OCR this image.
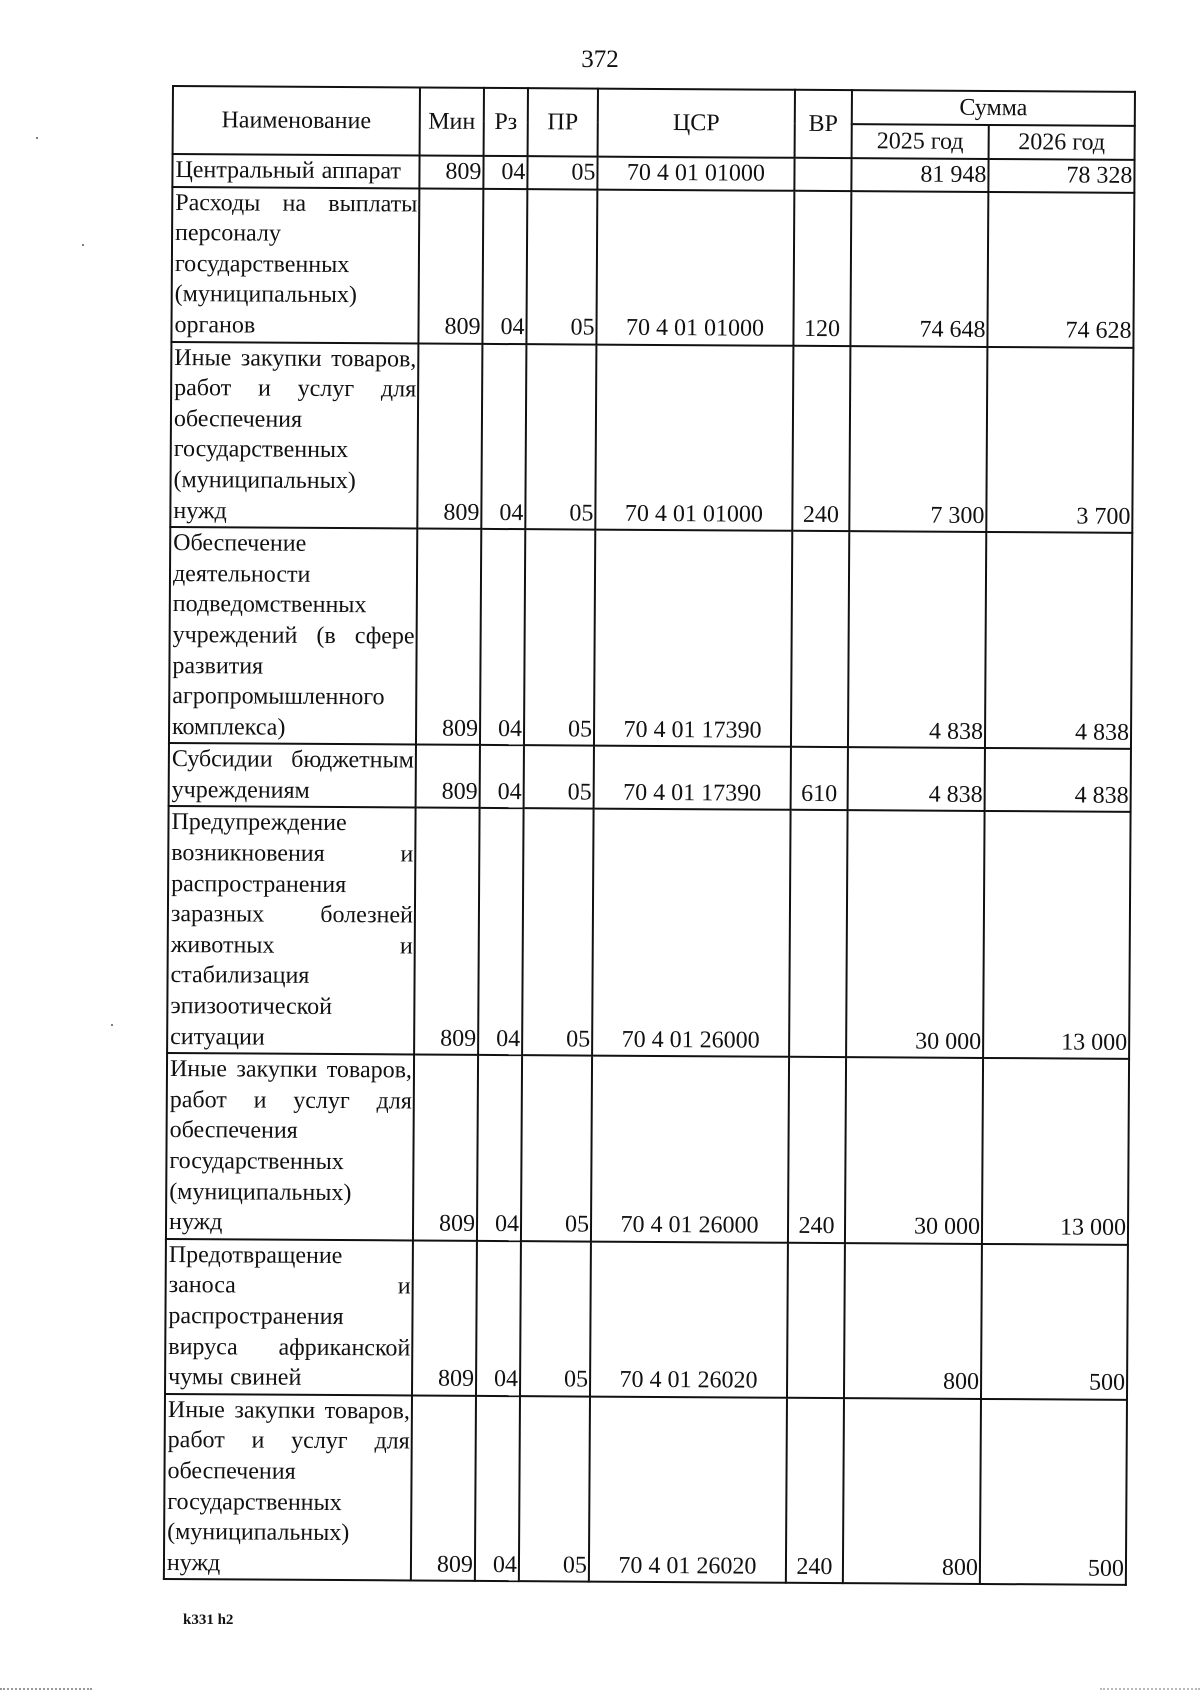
372
Наименование	Мин	Рз	ПР	ЦСР	ВР	Сумма	
						2025 год	2026 год
Центральный аппарат	809	04	05	70 4 01 01000		81 948	78 328
Расходы на выплаты персоналу государственных (муниципальных) органов	809	04	05	70 4 01 01000	120	74 648	74 628
Иные закупки товаров, работ и услуг для обеспечения государственных (муниципальных) нужд	809	04	05	70 4 01 01000	240	7 300	3 700
Обеспечение деятельности подведомственных учреждений (в сфере развития агропромышленного комплекса)	809	04	05	70 4 01 17390		4 838	4 838
Субсидии бюджетным учреждениям	809	04	05	70 4 01 17390	610	4 838	4 838
Предупреждение возникновения и распространения заразных болезней животных и стабилизация эпизоотической ситуации	809	04	05	70 4 01 26000		30 000	13 000
Иные закупки товаров, работ и услуг для обеспечения государственных (муниципальных) нужд	809	04	05	70 4 01 26000	240	30 000	13 000
Предотвращение заноса и распространения вируса африканской чумы свиней	809	04	05	70 4 01 26020		800	500
Иные закупки товаров, работ и услуг для обеспечения государственных (муниципальных) нужд	809	04	05	70 4 01 26020	240	800	500
k331 h2
